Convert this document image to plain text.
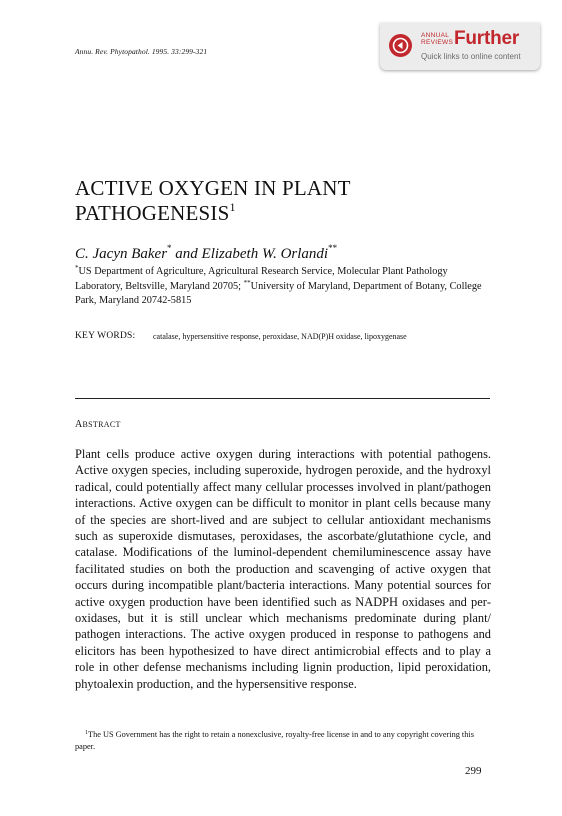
Annu. Rev. Phytopathol. 1995. 33:299-321
ANNUAL
REVIEWS Further
Quick links to online content
ACTIVE OXYGEN IN PLANT PATHOGENESIS$^1$
C. Jacyn Baker* and Elizabeth W. Orlandi**
*US Department of Agriculture, Agricultural Research Service, Molecular Plant Pathology Laboratory, Beltsville, Maryland 20705; **University of Maryland, Department of Botany, College Park, Maryland 20742-5815
KEY WORDS: catalase, hypersensitive response, peroxidase, NAD(P)H oxidase, lipoxygenase
ABSTRACT

Plant cells produce active oxygen during interactions with potential pathogens. Active oxygen species, including superoxide, hydrogen peroxide, and the hydroxyl radical, could potentially affect many cellular processes involved in plant/pathogen interactions. Active oxygen can be difficult to monitor in plant cells because many of the species are short-lived and are subject to cellular antioxidant mechanisms such as superoxide dismutases, peroxidases, the ascorbate/glutathione cycle, and catalase. Modifications of the luminol-dependent chemiluminescence assay have facilitated studies on both the production and scavenging of active oxygen that occurs during incompatible plant/bacteria interactions. Many potential sources for active oxygen production have been identified such as NADPH oxidases and peroxidases, but it is still unclear which mechanisms predominate during plant/​pathogen interactions. The active oxygen produced in response to pathogens and elicitors has been hypothesized to have direct antimicrobial effects and to play a role in other defense mechanisms including lignin production, lipid peroxidation, phytoalexin production, and the hypersensitive response.

$^1$The US Government has the right to retain a nonexclusive, royalty-free license in and to any copyright covering this paper.

299
